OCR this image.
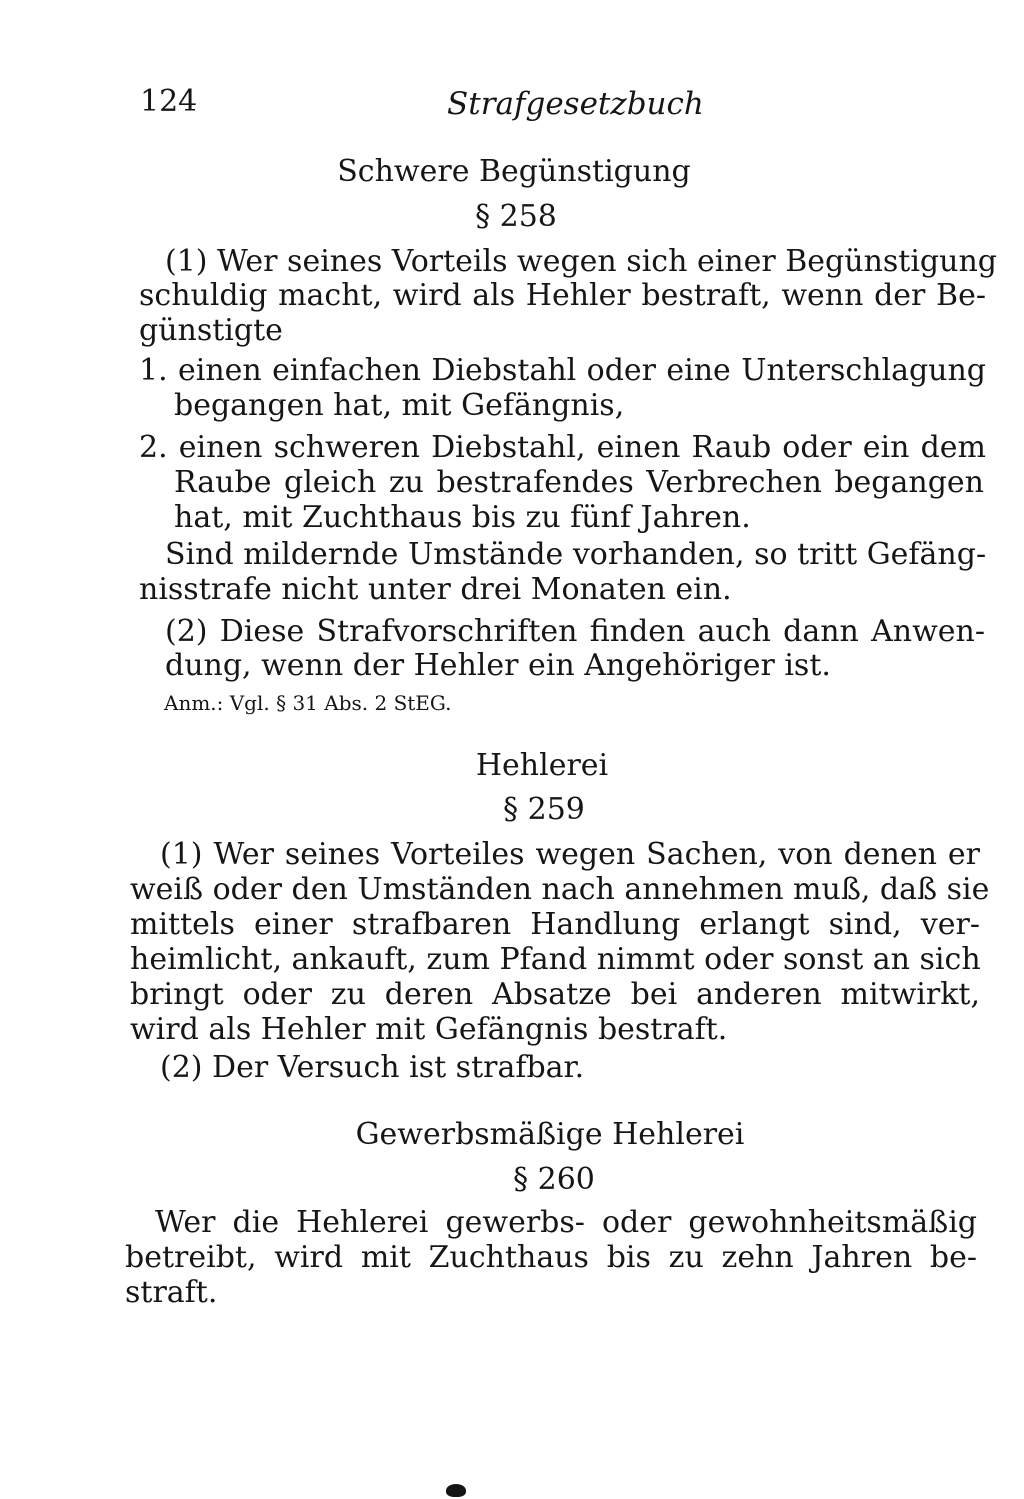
124	Strafgesetzbuch
Schwere Begünstigung
§ 258
(1) Wer seines Vorteils wegen sich einer Begünstigung
schuldig macht, wird als Hehler bestraft, wenn der Be-
günstigte
1. einen einfachen Diebstahl oder eine Unterschlagung
begangen hat, mit Gefängnis,
2. einen schweren Diebstahl, einen Raub oder ein dem
Raube gleich zu bestrafendes Verbrechen begangen
hat, mit Zuchthaus bis zu fünf Jahren.
Sind mildernde Umstände vorhanden, so tritt Gefäng-
nisstrafe nicht unter drei Monaten ein.
(2) Diese Strafvorschriften finden auch dann Anwen-
dung, wenn der Hehler ein Angehöriger ist.
Anm.: Vgl. § 31 Abs. 2 StEG.
Hehlerei
§ 259
(1) Wer seines Vorteiles wegen Sachen, von denen er
weiß oder den Umständen nach annehmen muß, daß sie
mittels einer strafbaren Handlung erlangt sind, ver-
heimlicht, ankauft, zum Pfand nimmt oder sonst an sich
bringt oder zu deren Absatze bei anderen mitwirkt,
wird als Hehler mit Gefängnis bestraft.
(2) Der Versuch ist strafbar.
Gewerbsmäßige Hehlerei
§ 260
Wer die Hehlerei gewerbs- oder gewohnheitsmäßig
betreibt, wird mit Zuchthaus bis zu zehn Jahren be-
straft.
